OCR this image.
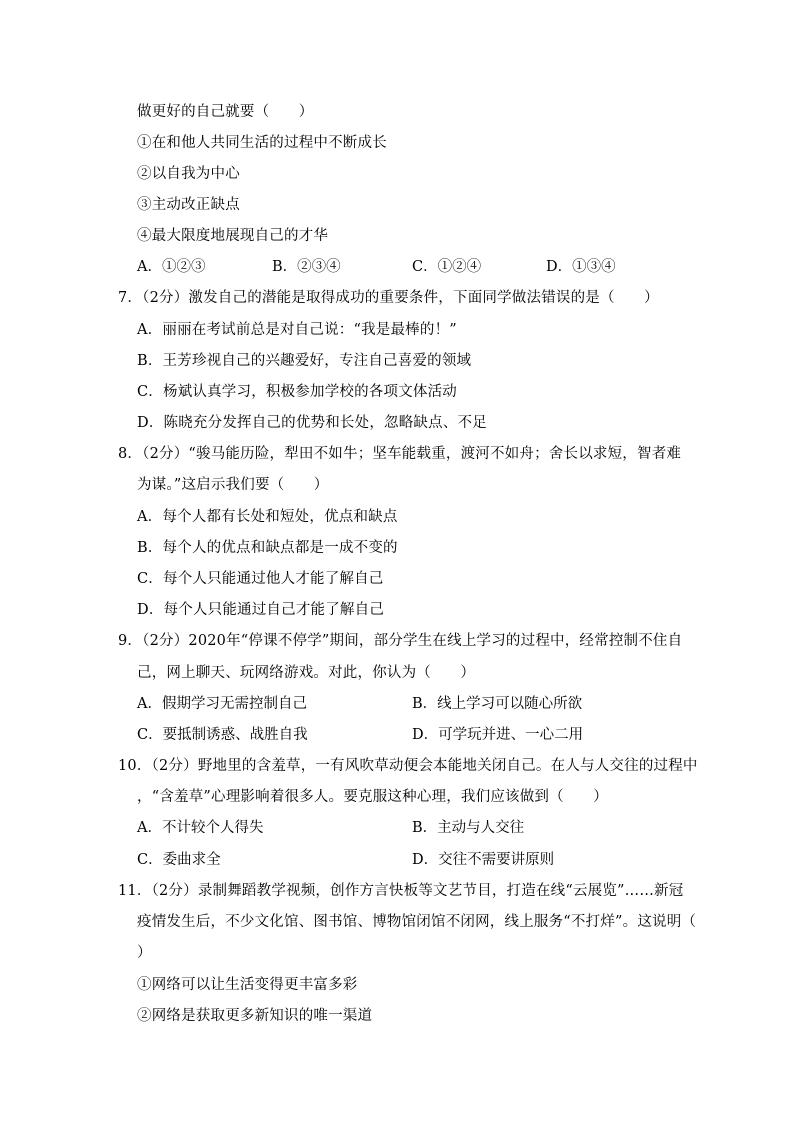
做更好的自己就要（　　）
①在和他人共同生活的过程中不断成长
②以自我为中心
③主动改正缺点
④最大限度地展现自己的才华
A．①②③	B．②③④	C．①②④	D．①③④
7．（2分）激发自己的潜能是取得成功的重要条件，下面同学做法错误的是（　　）
A．丽丽在考试前总是对自己说：“我是最棒的！”
B．王芳珍视自己的兴趣爱好，专注自己喜爱的领域
C．杨斌认真学习，积极参加学校的各项文体活动
D．陈晓充分发挥自己的优势和长处，忽略缺点、不足
8．（2分）“骏马能历险，犁田不如牛；坚车能载重，渡河不如舟；舍长以求短，智者难
为谋。”这启示我们要（　　）
A．每个人都有长处和短处，优点和缺点
B．每个人的优点和缺点都是一成不变的
C．每个人只能通过他人才能了解自己
D．每个人只能通过自己才能了解自己
9．（2分）2020年“停课不停学”期间，部分学生在线上学习的过程中，经常控制不住自
己，网上聊天、玩网络游戏。对此，你认为（　　）
A．假期学习无需控制自己	B．线上学习可以随心所欲
C．要抵制诱惑、战胜自我	D．可学玩并进、一心二用
10．（2分）野地里的含羞草，一有风吹草动便会本能地关闭自己。在人与人交往的过程中
，“含羞草”心理影响着很多人。要克服这种心理，我们应该做到（　　）
A．不计较个人得失	B．主动与人交往
C．委曲求全	D．交往不需要讲原则
11．（2分）录制舞蹈教学视频，创作方言快板等文艺节目，打造在线“云展览”……新冠
疫情发生后，不少文化馆、图书馆、博物馆闭馆不闭网，线上服务“不打烊”。这说明（
）
①网络可以让生活变得更丰富多彩
②网络是获取更多新知识的唯一渠道
